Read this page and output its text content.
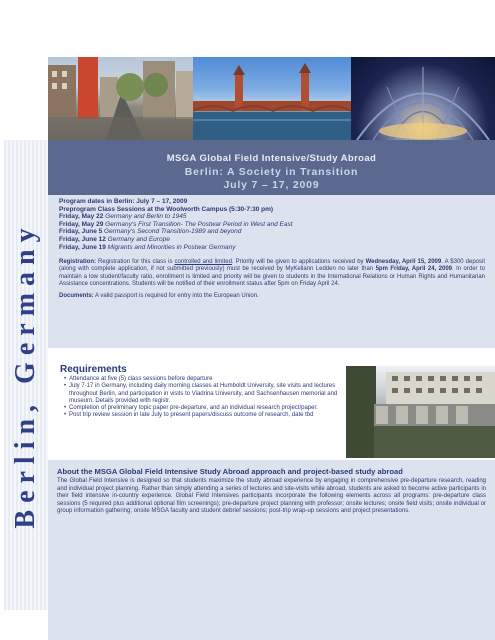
Berlin, Germany
MSGA Global Field Intensive/Study Abroad
Berlin: A Society in Transition
July 7 – 17, 2009
Program dates in Berlin: July 7 – 17, 2009
Preprogram Class Sessions at the Woolworth Campus (5:30-7:30 pm)
Friday, May 22 Germany and Berlin to 1945
Friday, May 29 Germany's First Transition- The Postwar Period in West and East
Friday, June 5 Germany's Second Transition-1989 and beyond
Friday, June 12 Germany and Europe
Friday, June 19 Migrants and Minorities in Postwar Germany

Registration: Registration for this class is controlled and limited. Priority will be given to applications received by Wednesday, April 15, 2009. A $300 deposit (along with complete application, if not submitted previously) must be received by MyKellann Ledden no later than 5pm Friday, April 24, 2009. In order to maintain a low student/faculty ratio, enrollment is limited and priority will be given to students in the International Relations or Human Rights and Humanitarian Assistance concentrations. Students will be notified of their enrollment status after 5pm on Friday April 24.

Documents: A valid passport is required for entry into the European Union.

Requirements
• Attendance at five (5) class sessions before departure
• July 7-17 in Germany, including daily morning classes at Humboldt University, site visits and lectures throughout Berlin, and participation in visits to Viadrina University, and Sachsenhausen memorial and museum. Details provided with registr.
• Completion of preliminary topic paper pre-departure, and an individual research project/paper.
• Post trip review session in late July to present papers/discuss outcome of research, date tbd
About the MSGA Global Field Intensive Study Abroad approach and project-based study abroad

The Global Field Intensive is designed so that students maximize the study abroad experience by engaging in comprehensive pre-departure research, reading and individual project planning. Rather than simply attending a series of lectures and site-visits while abroad, students are asked to become active participants in their field intensive in-country experience. Global Field Intensives participants incorporate the following elements across all programs: pre-departure class sessions (5 required plus additional optional film screenings); pre-departure project planning with professor; onsite lectures; onsite field visits; onsite individual or group information gathering; onsite MSGA faculty and student debrief sessions; post-trip wrap-up sessions and project presentations.
